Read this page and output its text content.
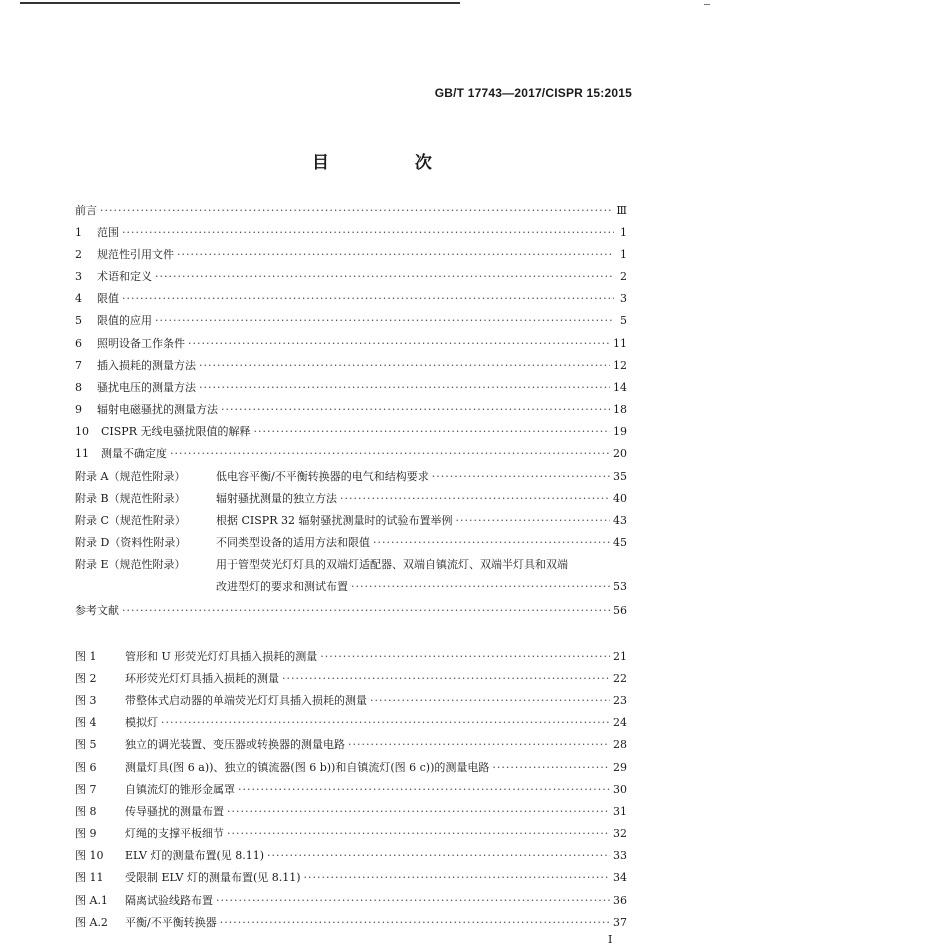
GB/T 17743—2017/CISPR 15:2015
目 次
前言 ·····	Ⅲ
1	范围 ·····	1
2	规范性引用文件 ·····	1
3	术语和定义 ·····	2
4	限值 ·····	3
5	限值的应用 ·····	5
6	照明设备工作条件 ·····	11
7	插入损耗的测量方法 ·····	12
8	骚扰电压的测量方法 ·····	14
9	辐射电磁骚扰的测量方法 ·····	18
10	CISPR 无线电骚扰限值的解释 ·····	19
11	测量不确定度 ·····	20
附录 A（规范性附录）	低电容平衡/不平衡转换器的电气和结构要求 ·····	35
附录 B（规范性附录）	辐射骚扰测量的独立方法 ·····	40
附录 C（规范性附录）	根据 CISPR 32 辐射骚扰测量时的试验布置举例 ·····	43
附录 D（资料性附录）	不同类型设备的适用方法和限值 ·····	45
附录 E（规范性附录）	用于管型荧光灯灯具的双端灯适配器、双端自镇流灯、双端半灯具和双端
改进型灯的要求和测试布置 ·····	53
参考文献 ·····	56
图 1	管形和 U 形荧光灯灯具插入损耗的测量 ·····	21
图 2	环形荧光灯灯具插入损耗的测量 ·····	22
图 3	带整体式启动器的单端荧光灯灯具插入损耗的测量 ·····	23
图 4	模拟灯 ·····	24
图 5	独立的调光装置、变压器或转换器的测量电路 ·····	28
图 6	测量灯具(图 6 a))、独立的镇流器(图 6 b))和自镇流灯(图 6 c))的测量电路 ·····	29
图 7	自镇流灯的锥形金属罩 ·····	30
图 8	传导骚扰的测量布置 ·····	31
图 9	灯绳的支撑平板细节 ·····	32
图 10	ELV 灯的测量布置(见 8.11) ·····	33
图 11	受限制 ELV 灯的测量布置(见 8.11) ·····	34
图 A.1	隔离试验线路布置 ·····	36
图 A.2	平衡/不平衡转换器 ·····	37
I
